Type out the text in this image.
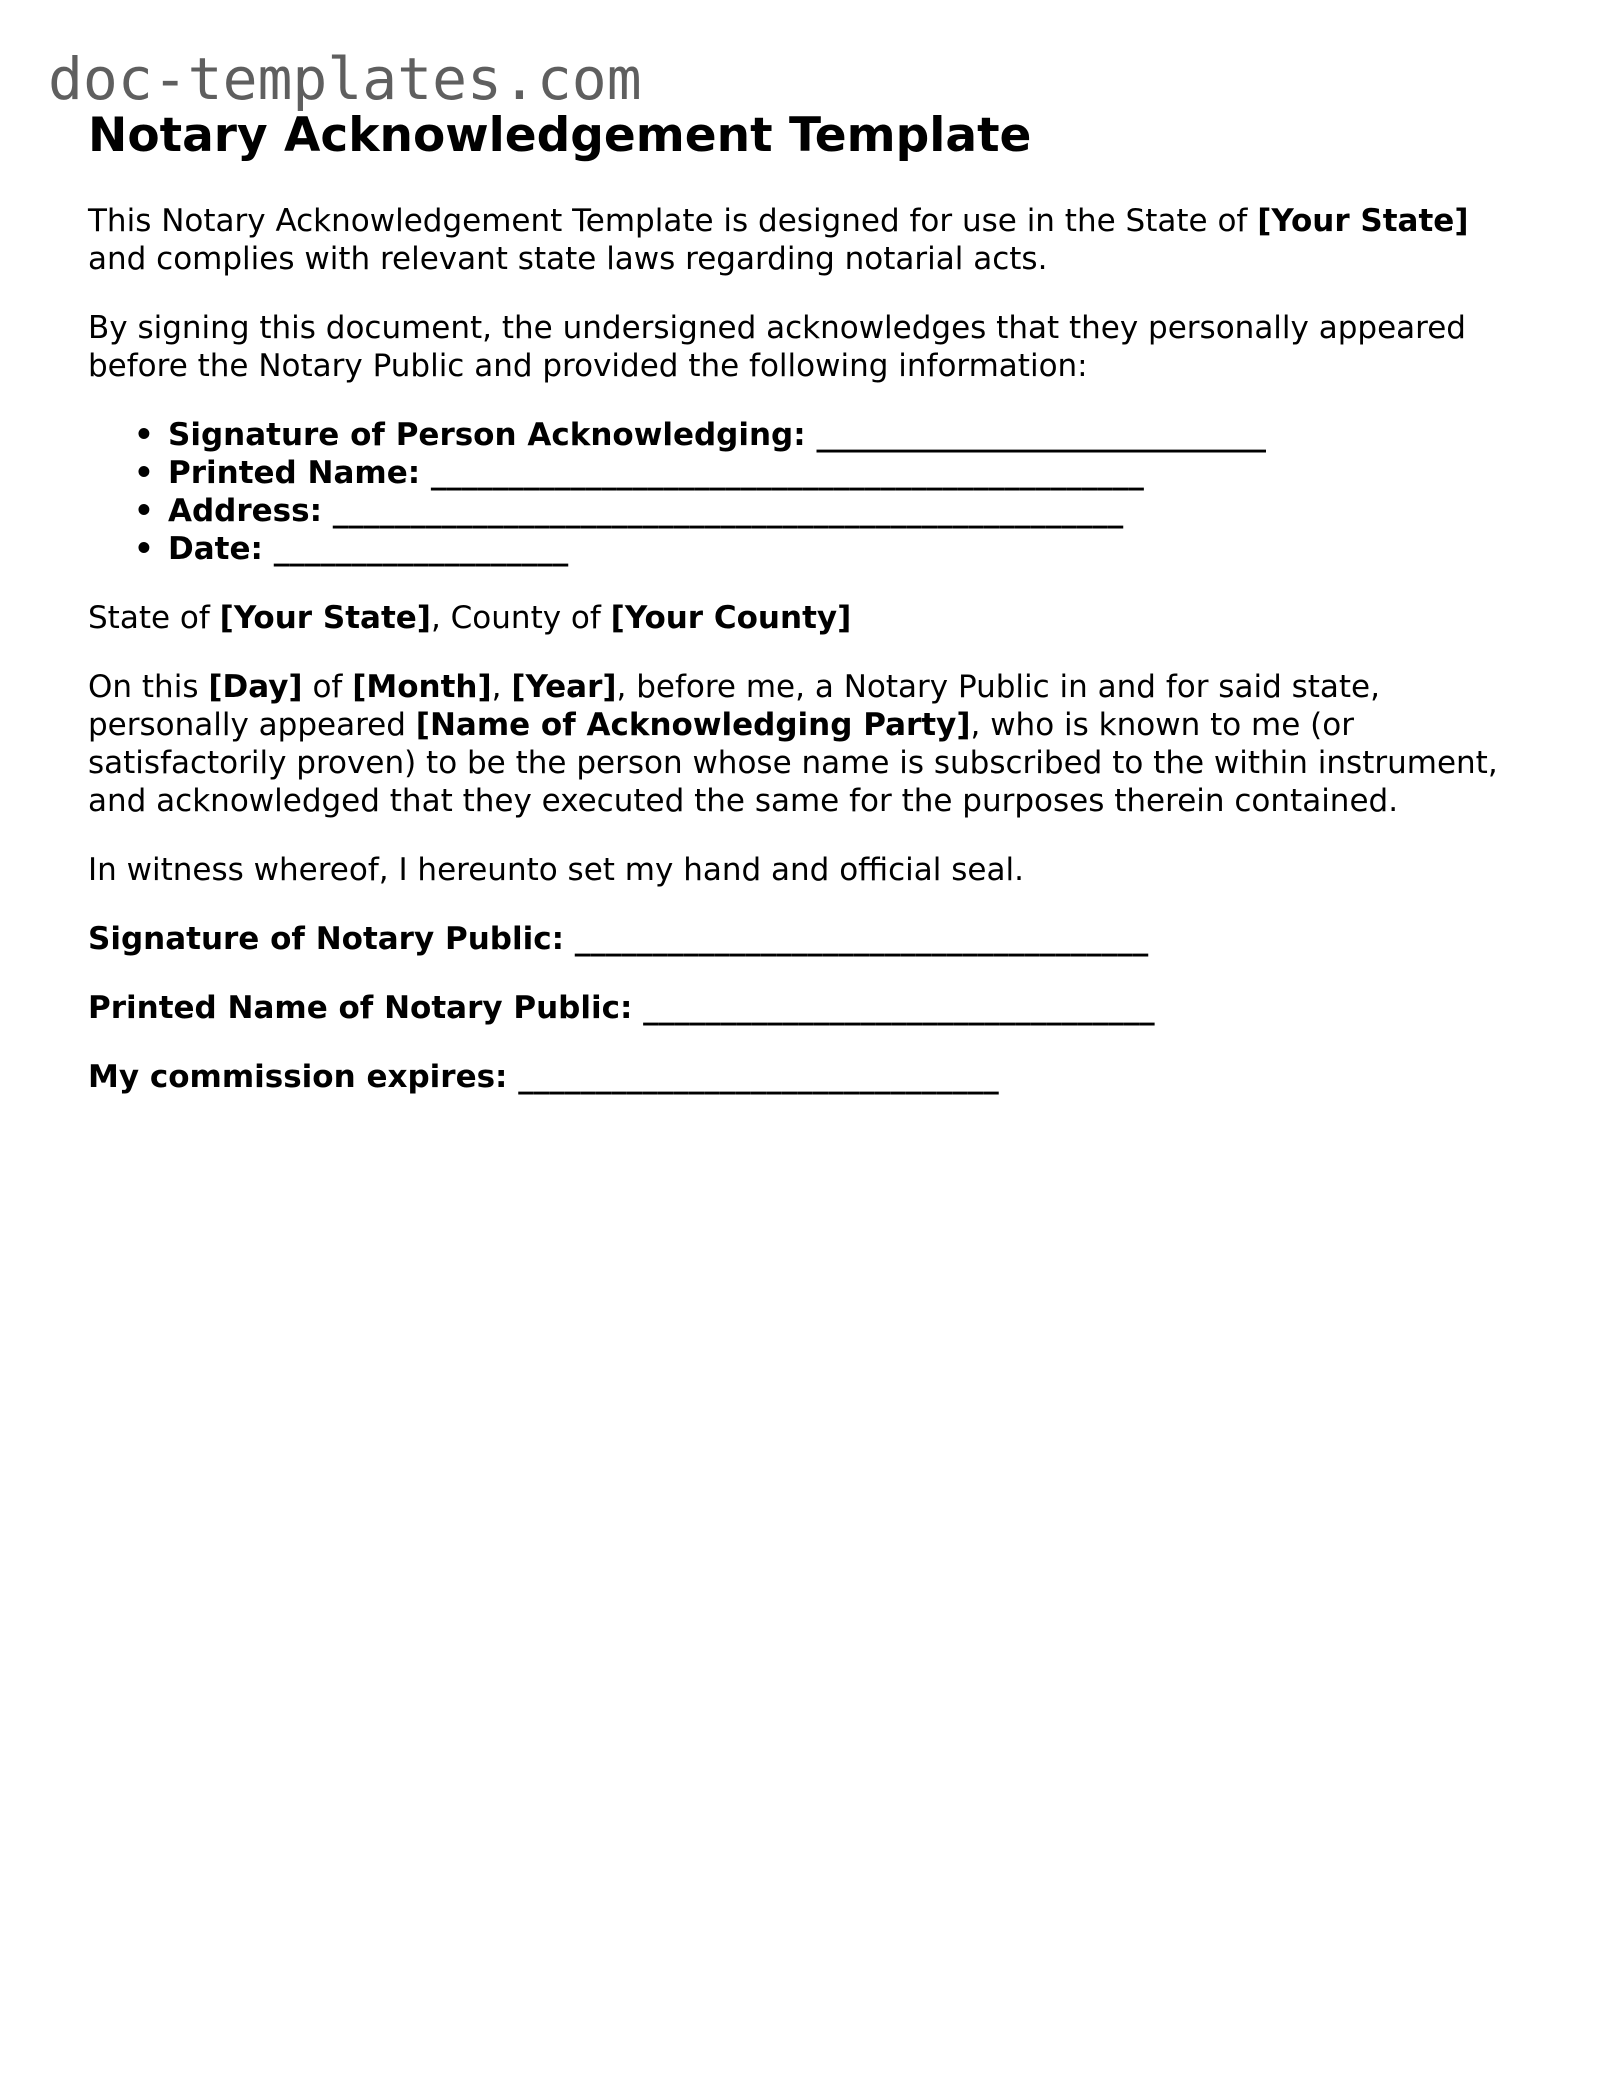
doc-templates.com
Notary Acknowledgement Template

This Notary Acknowledgement Template is designed for use in the State of [Your State] and complies with relevant state laws regarding notarial acts.

By signing this document, the undersigned acknowledges that they personally appeared before the Notary Public and provided the following information:

• Signature of Person Acknowledging: _____________________________
• Printed Name: ______________________________________________
• Address: ___________________________________________________
• Date: ___________________

State of [Your State], County of [Your County]

On this [Day] of [Month], [Year], before me, a Notary Public in and for said state, personally appeared [Name of Acknowledging Party], who is known to me (or satisfactorily proven) to be the person whose name is subscribed to the within instrument, and acknowledged that they executed the same for the purposes therein contained.

In witness whereof, I hereunto set my hand and official seal.

Signature of Notary Public: _____________________________________
Printed Name of Notary Public: _________________________________
My commission expires: _______________________________
